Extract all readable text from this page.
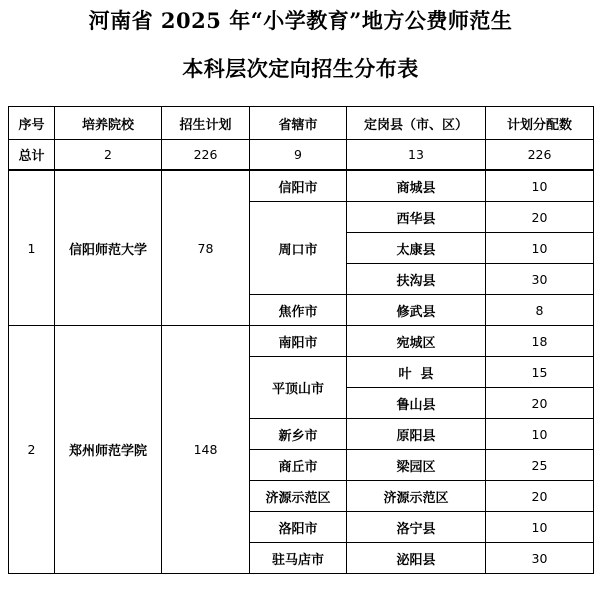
河南省 2025 年“小学教育”地方公费师范生
本科层次定向招生分布表
序号	培养院校	招生计划	省辖市	定岗县（市、区）	计划分配数
总计	2	226	9	13	226
1	信阳师范大学	78	信阳市	商城县	10
			周口市	西华县	20
				太康县	10
				扶沟县	30
			焦作市	修武县	8
2	郑州师范学院	148	南阳市	宛城区	18
			平顶山市	叶  县	15
				鲁山县	20
			新乡市	原阳县	10
			商丘市	梁园区	25
			济源示范区	济源示范区	20
			洛阳市	洛宁县	10
			驻马店市	泌阳县	30
